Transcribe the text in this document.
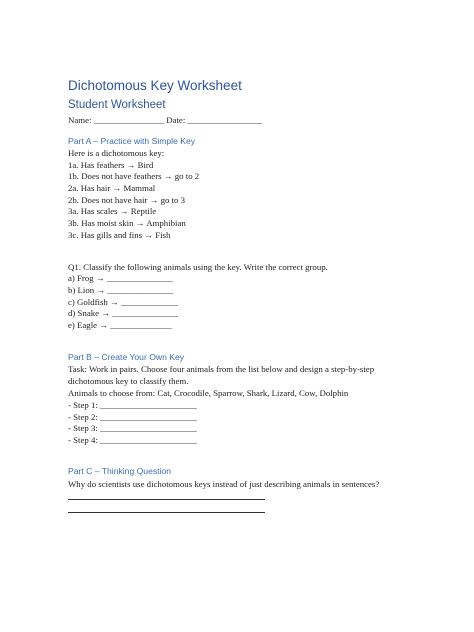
Dichotomous Key Worksheet
Student Worksheet
Name: ________________ Date: _________________
Part A – Practice with Simple Key
Here is a dichotomous key:
1a. Has feathers → Bird
1b. Does not have feathers → go to 2
2a. Has hair → Mammal
2b. Does not have hair → go to 3
3a. Has scales → Reptile
3b. Has moist skin → Amphibian
3c. Has gills and fins → Fish
Q1. Classify the following animals using the key. Write the correct group.
a) Frog → _______________
b) Lion → _______________
c) Goldfish → _____________
d) Snake → _______________
e) Eagle → ______________
Part B – Create Your Own Key
Task: Work in pairs. Choose four animals from the list below and design a step-by-step
dichotomous key to classify them.
Animals to choose from: Cat, Crocodile, Sparrow, Shark, Lizard, Cow, Dolphin
- Step 1: ______________________
- Step 2: ______________________
- Step 3: ______________________
- Step 4: ______________________
Part C – Thinking Question
Why do scientists use dichotomous keys instead of just describing animals in sentences?
